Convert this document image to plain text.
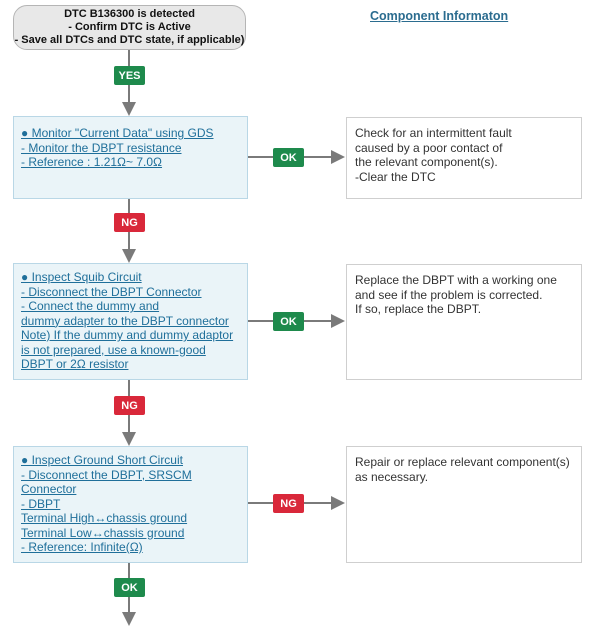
DTC B136300 is detected
- Confirm DTC is Active
- Save all DTCs and DTC state, if applicable)
Component Informaton
YES
● Monitor "Current Data" using GDS
- Monitor the DBPT resistance
- Reference : 1.21Ω~ 7.0Ω	OK
Check for an intermittent fault
caused by a poor contact of
the relevant component(s).
-Clear the DTC
NG
● Inspect Squib Circuit
- Disconnect the DBPT Connector
- Connect the dummy and
dummy adapter to the DBPT connector
Note) If the dummy and dummy adaptor
is not prepared, use a known-good
DBPT or 2Ω resistor
OK
Replace the DBPT with a working one
and see if the problem is corrected.
If so, replace the DBPT.
NG
● Inspect Ground Short Circuit
- Disconnect the DBPT, SRSCM
Connector
- DBPT
Terminal High↔chassis ground
Terminal Low↔chassis ground
- Reference: Infinite(Ω)
NG
Repair or replace relevant component(s)
as necessary.
OK
